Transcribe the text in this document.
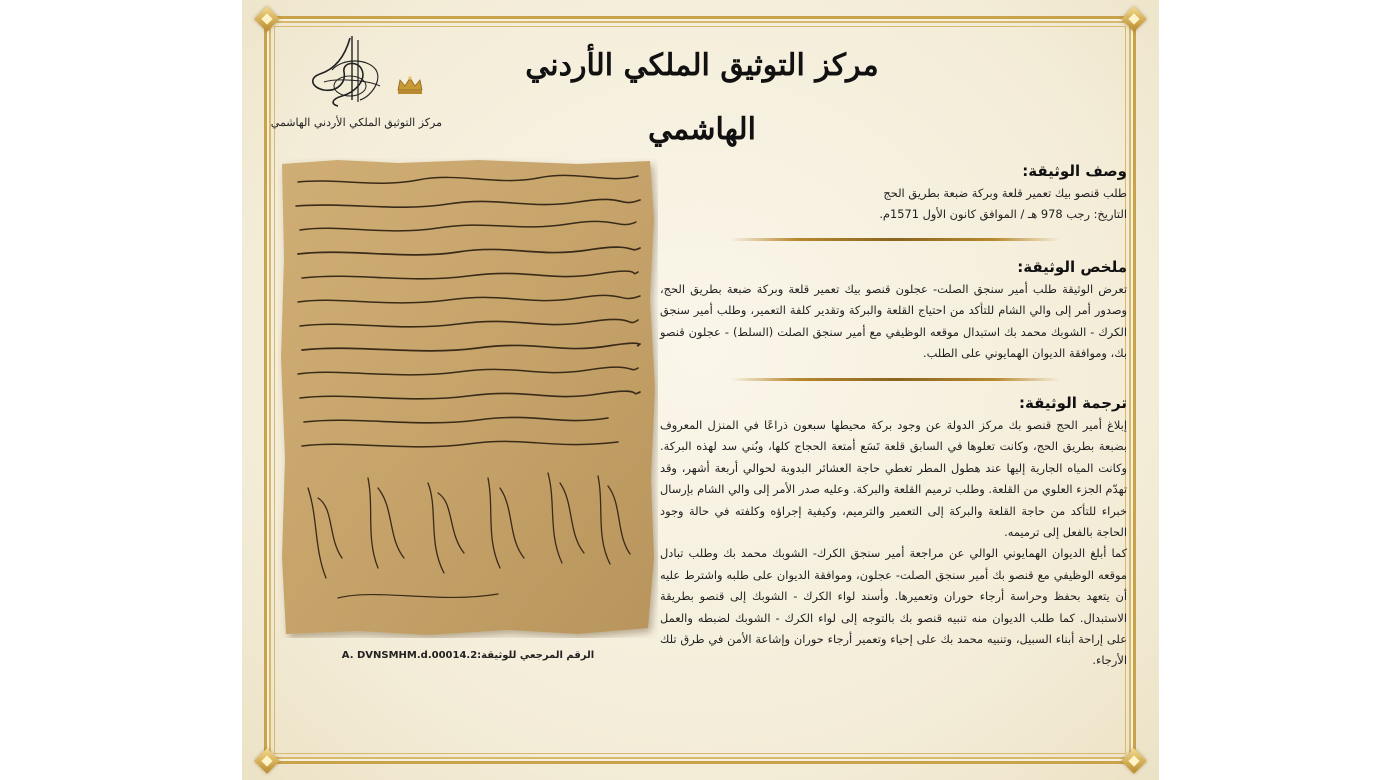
مركز التوثيق الملكي الأردني الهاشمي
مركز التوثيق الملكي الأردني الهاشمي
الرقم المرجعي للوثيقة:A. DVNSMHM.d.00014.2
وصف الوثيقة:

طلب قنصو بيك تعمير قلعة وبركة ضبعة بطريق الحج

التاريخ: رجب 978 هـ / الموافق كانون الأول 1571م.

ملخص الوثيقة:

تعرض الوثيقة طلب أمير سنجق الصلت- عجلون قنصو بيك تعمير قلعة وبركة ضبعة بطريق الحج، وصدور أمر إلى والي الشام للتأكد من احتياج القلعة والبركة وتقدير كلفة التعمير، وطلب أمير سنجق الكرك - الشوبك محمد بك استبدال موقعه الوظيفي مع أمير سنجق الصلت (السلط) - عجلون قنصو بك، وموافقة الديوان الهمايوني على الطلب.

ترجمة الوثيقة:

إبلاغ أمير الحج قنصو بك مركز الدولة عن وجود بركة محيطها سبعون ذراعًا في المنزل المعروف بضبعة بطريق الحج، وكانت تعلوها في السابق قلعة تَسَع أمتعة الحجاج كلها، وبُني سد لهذه البركة. وكانت المياه الجارية إليها عند هطول المطر تغطي حاجة العشائر البدوية لحوالي أربعة أشهر، وقد تهدّم الجزء العلوي من القلعة. وطلب ترميم القلعة والبركة. وعليه صدر الأمر إلى والي الشام بإرسال خبراء للتأكد من حاجة القلعة والبركة إلى التعمير والترميم، وكيفية إجراؤه وكلفته في حالة وجود الحاجة بالفعل إلى ترميمه.

كما أبلغ الديوان الهمايوني الوالي عن مراجعة أمير سنجق الكرك- الشوبك محمد بك وطلب تبادل موقعه الوظيفي مع قنصو بك أمير سنجق الصلت- عجلون، وموافقة الديوان على طلبه واشترط عليه أن يتعهد بحفظ وحراسة أرجاء حوران وتعميرها. وأسند لواء الكرك - الشوبك إلى قنصو بطريقة الاستبدال. كما طلب الديوان منه تنبيه قنصو بك بالتوجه إلى لواء الكرك - الشوبك لضبطه والعمل على إراحة أبناء السبيل، وتنبيه محمد بك على إحياء وتعمير أرجاء حوران وإشاعة الأمن في طرق تلك الأرجاء.
